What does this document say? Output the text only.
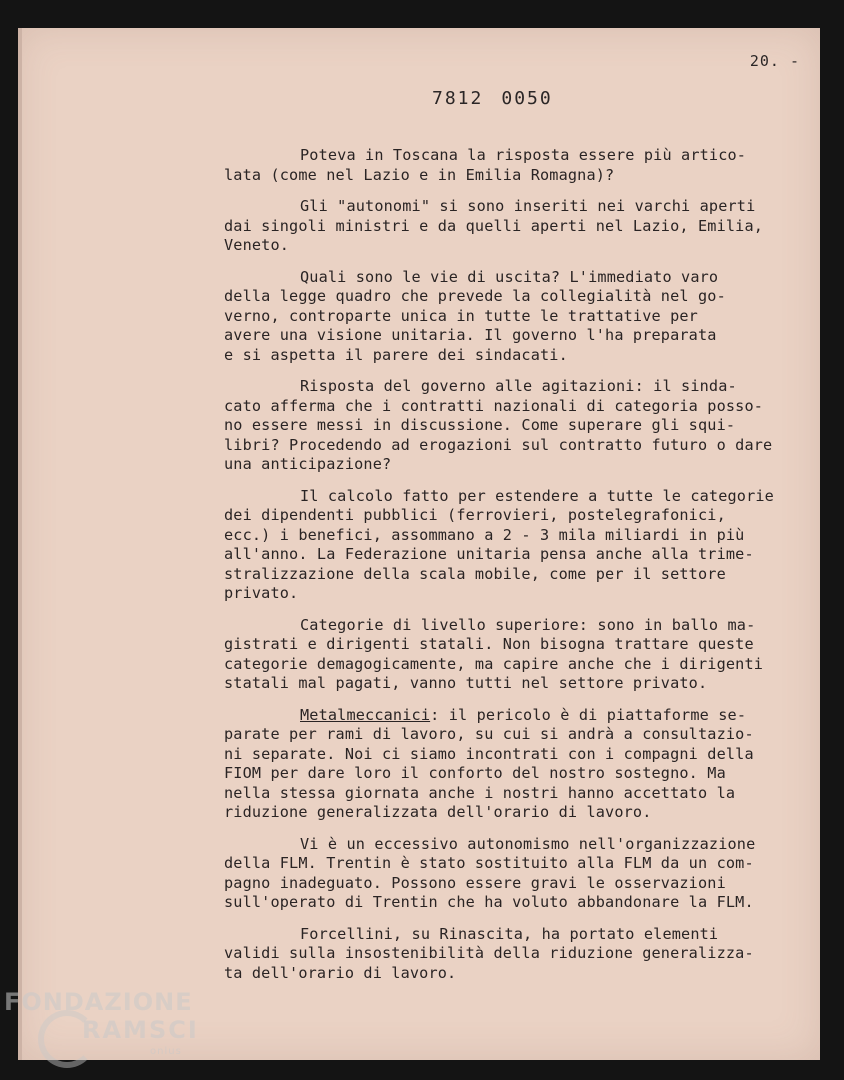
20. -
7812 0050
Poteva in Toscana la risposta essere più artico-
lata (come nel Lazio e in Emilia Romagna)?
Gli "autonomi" si sono inseriti nei varchi aperti
dai singoli ministri e da quelli aperti nel Lazio, Emilia,
Veneto.
Quali sono le vie di uscita? L'immediato varo
della legge quadro che prevede la collegialità nel go-
verno, controparte unica in tutte le trattative per
avere una visione unitaria. Il governo l'ha preparata
e si aspetta il parere dei sindacati.
Risposta del governo alle agitazioni: il sinda-
cato afferma che i contratti nazionali di categoria posso-
no essere messi in discussione. Come superare gli squi-
libri? Procedendo ad erogazioni sul contratto futuro o dare
una anticipazione?
Il calcolo fatto per estendere a tutte le categorie
dei dipendenti pubblici (ferrovieri, postelegrafonici,
ecc.) i benefici, assommano a 2 - 3 mila miliardi in più
all'anno. La Federazione unitaria pensa anche alla trime-
stralizzazione della scala mobile, come per il settore
privato.
Categorie di livello superiore: sono in ballo ma-
gistrati e dirigenti statali. Non bisogna trattare queste
categorie demagogicamente, ma capire anche che i dirigenti
statali mal pagati, vanno tutti nel settore privato.
Metalmeccanici: il pericolo è di piattaforme se-
parate per rami di lavoro, su cui si andrà a consultazio-
ni separate. Noi ci siamo incontrati con i compagni della
FIOM per dare loro il conforto del nostro sostegno. Ma
nella stessa giornata anche i nostri hanno accettato la
riduzione generalizzata dell'orario di lavoro.
Vi è un eccessivo autonomismo nell'organizzazione
della FLM. Trentin è stato sostituito alla FLM da un com-
pagno inadeguato. Possono essere gravi le osservazioni
sull'operato di Trentin che ha voluto abbandonare la FLM.
Forcellini, su Rinascita, ha portato elementi
validi sulla insostenibilità della riduzione generalizza-
ta dell'orario di lavoro.
FONDAZIONE
RAMSCI
onlus
